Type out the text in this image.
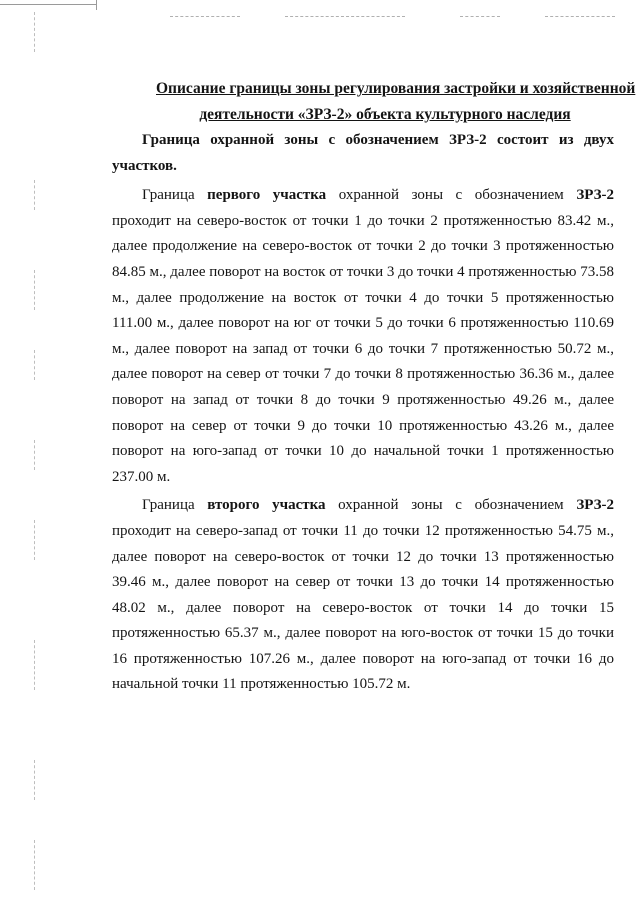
Описание границы зоны регулирования застройки и хозяйственной
деятельности «ЗРЗ-2» объекта культурного наследия

Граница охранной зоны с обозначением ЗРЗ-2 состоит из двух участков.

Граница первого участка охранной зоны с обозначением ЗРЗ-2 проходит на северо-восток от точки 1 до точки 2 протяженностью 83.42 м., далее продолжение на северо-восток от точки 2 до точки 3 протяженностью 84.85 м., далее поворот на восток от точки 3 до точки 4 протяженностью 73.58 м., далее продолжение на восток от точки 4 до точки 5 протяженностью 111.00 м., далее поворот на юг от точки 5 до точки 6 протяженностью 110.69 м., далее поворот на запад от точки 6 до точки 7 протяженностью 50.72 м., далее поворот на север от точки 7 до точки 8 протяженностью 36.36 м., далее поворот на запад от точки 8 до точки 9 протяженностью 49.26 м., далее поворот на север от точки 9 до точки 10 протяженностью 43.26 м., далее поворот на юго-запад от точки 10 до начальной точки 1 протяженностью 237.00 м.

Граница второго участка охранной зоны с обозначением ЗРЗ-2 проходит на северо-запад от точки 11 до точки 12 протяженностью 54.75 м., далее поворот на северо-восток от точки 12 до точки 13 протяженностью 39.46 м., далее поворот на север от точки 13 до точки 14 протяженностью 48.02 м., далее поворот на северо-восток от точки 14 до точки 15 протяженностью 65.37 м., далее поворот на юго-восток от точки 15 до точки 16 протяженностью 107.26 м., далее поворот на юго-запад от точки 16 до начальной точки 11 протяженностью 105.72 м.
